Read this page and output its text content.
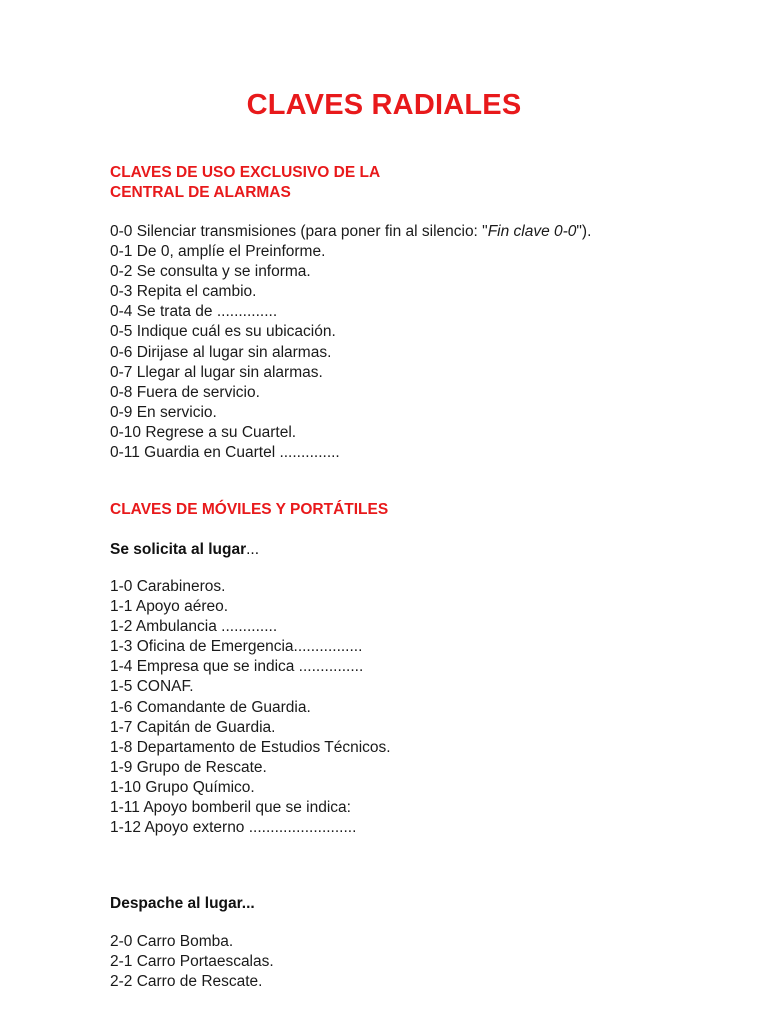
CLAVES RADIALES
CLAVES DE USO EXCLUSIVO DE LA
CENTRAL DE ALARMAS
0-0 Silenciar transmisiones (para poner fin al silencio: "Fin clave 0-0").
0-1 De 0, amplíe el Preinforme.
0-2 Se consulta y se informa.
0-3 Repita el cambio.
0-4 Se trata de ..............
0-5 Indique cuál es su ubicación.
0-6 Dirijase al lugar sin alarmas.
0-7 Llegar al lugar sin alarmas.
0-8 Fuera de servicio.
0-9 En servicio.
0-10 Regrese a su Cuartel.
0-11 Guardia en Cuartel ..............
CLAVES DE MÓVILES Y PORTÁTILES
Se solicita al lugar...
1-0 Carabineros.
1-1 Apoyo aéreo.
1-2 Ambulancia .............
1-3 Oficina de Emergencia................
1-4 Empresa que se indica ...............
1-5 CONAF.
1-6 Comandante de Guardia.
1-7 Capitán de Guardia.
1-8 Departamento de Estudios Técnicos.
1-9 Grupo de Rescate.
1-10 Grupo Químico.
1-11 Apoyo bomberil que se indica:
1-12 Apoyo externo .........................
Despache al lugar...
2-0 Carro Bomba.
2-1 Carro Portaescalas.
2-2 Carro de Rescate.
